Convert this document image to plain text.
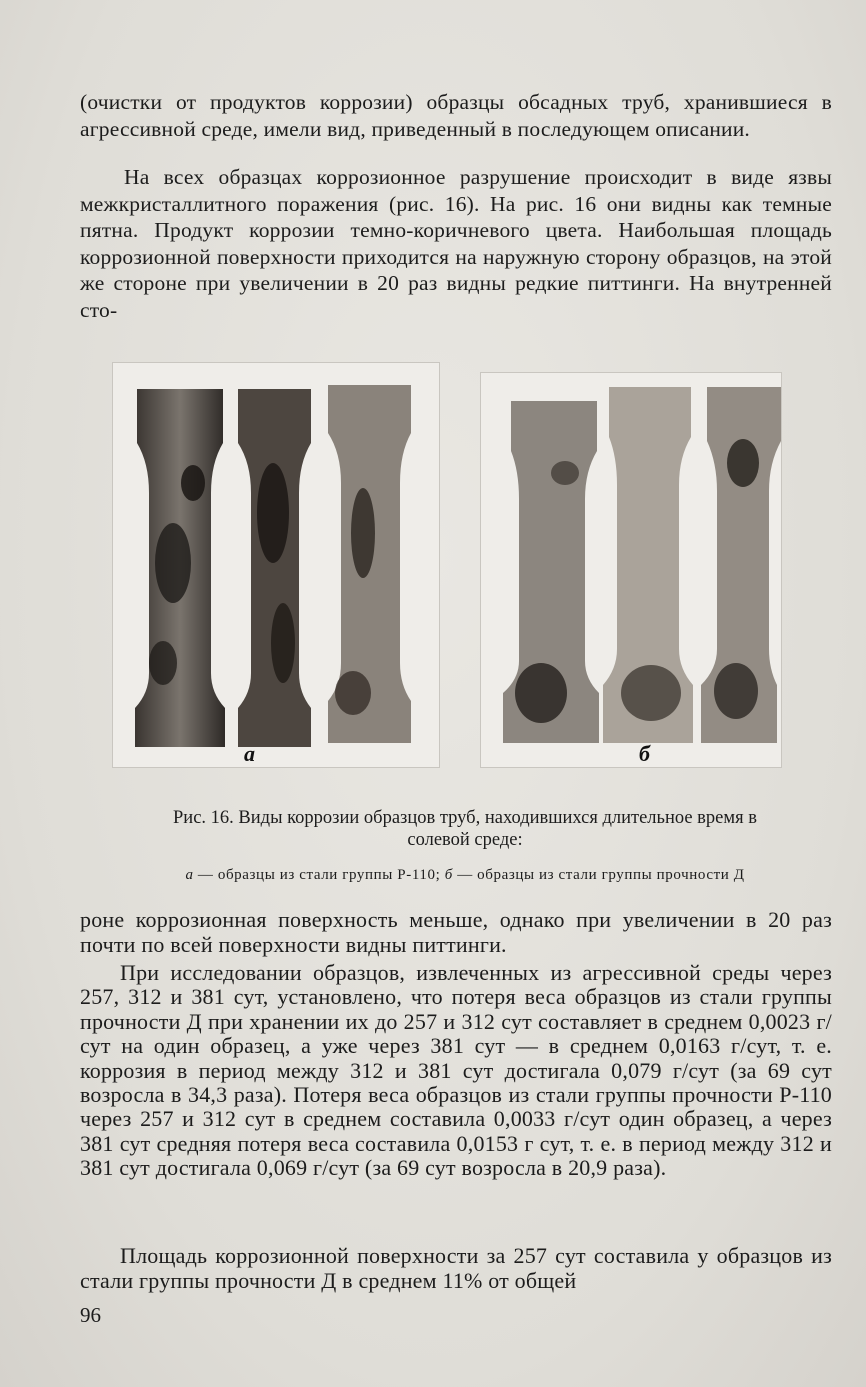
(очистки от продуктов коррозии) образцы обсадных труб, хранившиеся в агрессивной среде, имели вид, приведенный в последующем описании.

На всех образцах коррозионное разрушение происходит в виде язвы межкристаллитного поражения (рис. 16). На рис. 16 они видны как темные пятна. Продукт коррозии темно-коричневого цвета. Наибольшая площадь коррозионной поверхности приходится на наружную сторону образцов, на этой же стороне при увеличении в 20 раз видны редкие питтинги. На внутренней сто-

а	б

Рис. 16. Виды коррозии образцов труб, находившихся длительное время в солевой среде:

а — образцы из стали группы Р-110; б — образцы из стали группы прочности Д

роне коррозионная поверхность меньше, однако при увеличении в 20 раз почти по всей поверхности видны питтинги.

При исследовании образцов, извлеченных из агрессивной среды через 257, 312 и 381 сут, установлено, что потеря веса образцов из стали группы прочности Д при хранении их до 257 и 312 сут составляет в среднем 0,0023 г/сут на один образец, а уже через 381 сут — в среднем 0,0163 г/сут, т. е. коррозия в период между 312 и 381 сут достигала 0,079 г/сут (за 69 сут возросла в 34,3 раза). Потеря веса образцов из стали группы прочности Р-110 через 257 и 312 сут в среднем составила 0,0033 г/сут один образец, а через 381 сут средняя потеря веса составила 0,0153 г сут, т. е. в период между 312 и 381 сут достигала 0,069 г/сут (за 69 сут возросла в 20,9 раза).

Площадь коррозионной поверхности за 257 сут составила у образцов из стали группы прочности Д в среднем 11% от общей

96
